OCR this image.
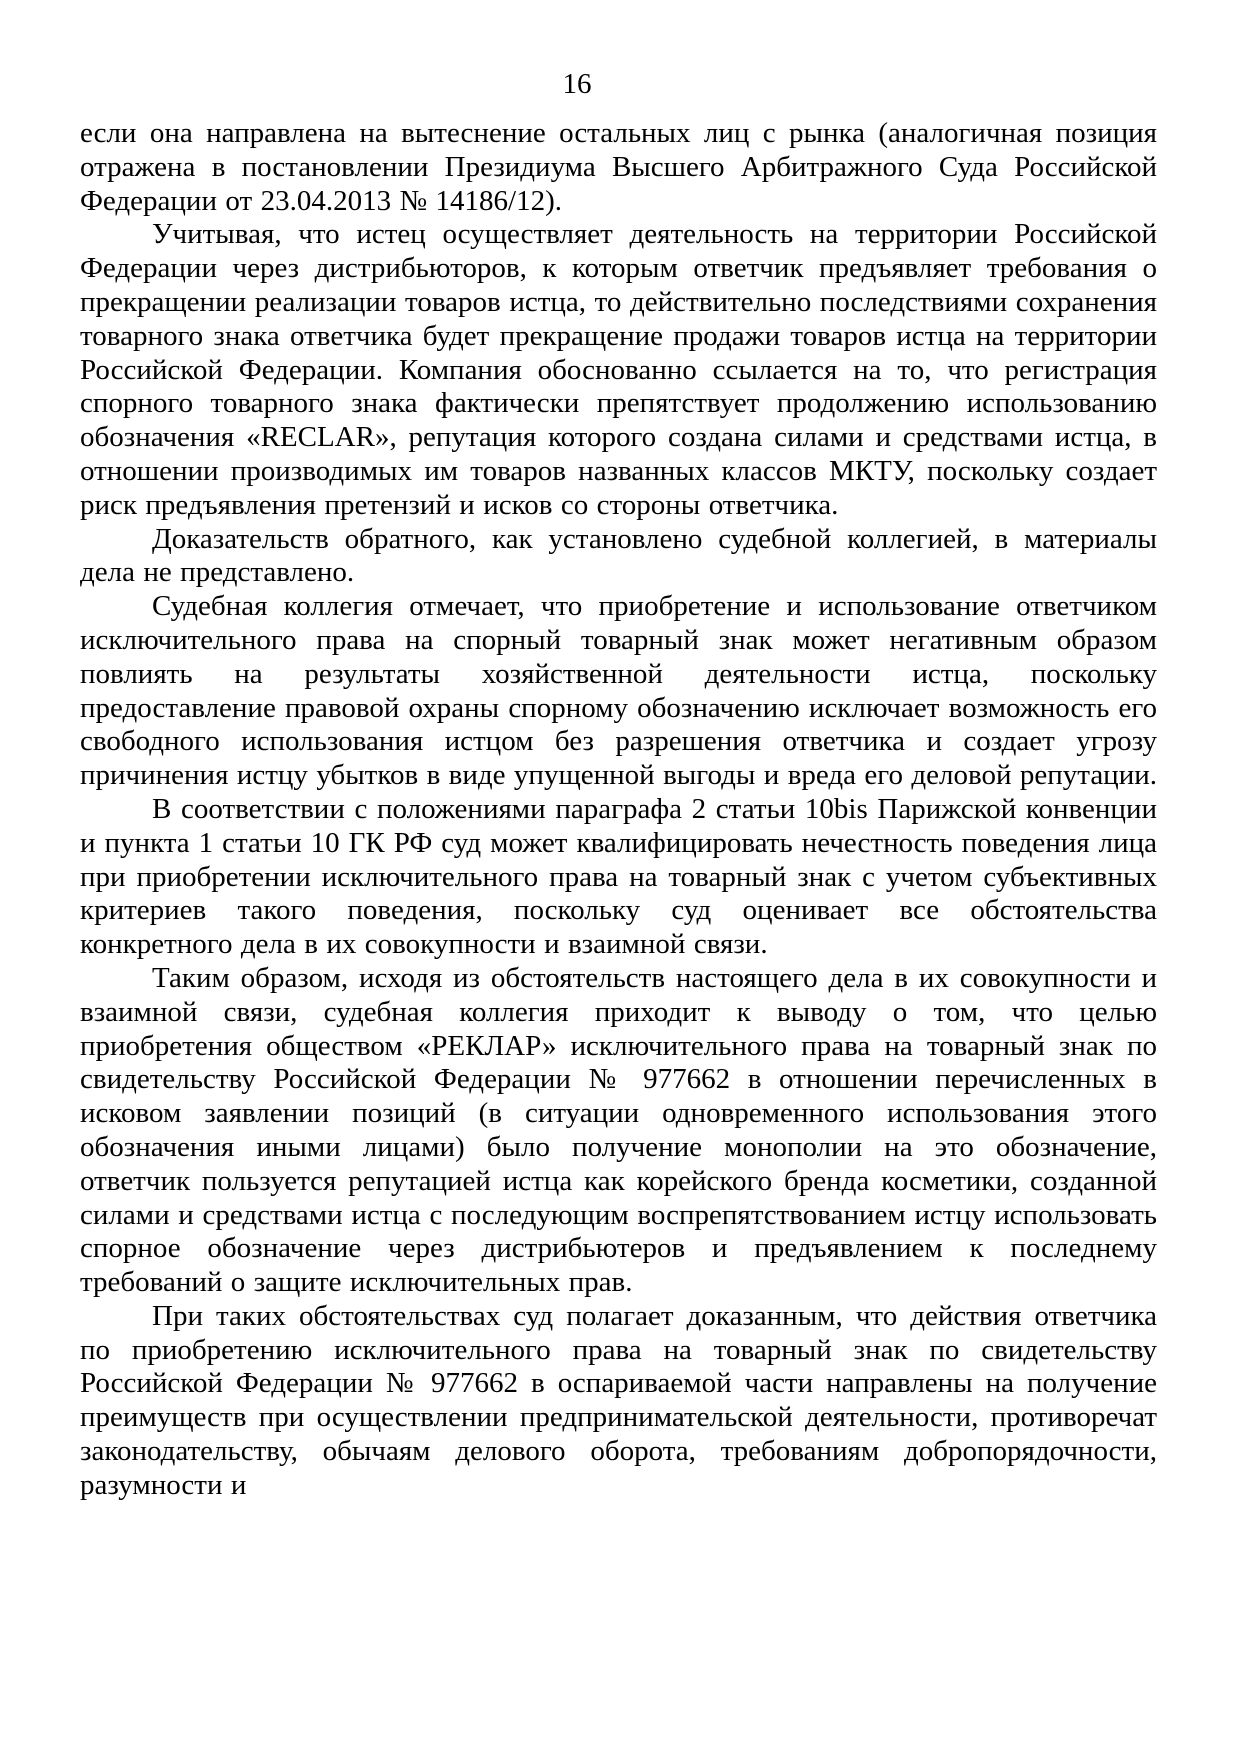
16

если она направлена на вытеснение остальных лиц с рынка (аналогичная позиция отражена в постановлении Президиума Высшего Арбитражного Суда Российской Федерации от 23.04.2013 № 14186/12).

Учитывая, что истец осуществляет деятельность на территории Российской Федерации через дистрибьюторов, к которым ответчик предъявляет требования о прекращении реализации товаров истца, то действительно последствиями сохранения товарного знака ответчика будет прекращение продажи товаров истца на территории Российской Федерации. Компания обоснованно ссылается на то, что регистрация спорного товарного знака фактически препятствует продолжению использованию обозначения «RECLAR», репутация которого создана силами и средствами истца, в отношении производимых им товаров названных классов МКТУ, поскольку создает риск предъявления претензий и исков со стороны ответчика.

Доказательств обратного, как установлено судебной коллегией, в материалы дела не представлено.

Судебная коллегия отмечает, что приобретение и использование ответчиком исключительного права на спорный товарный знак может негативным образом повлиять на результаты хозяйственной деятельности истца, поскольку предоставление правовой охраны спорному обозначению исключает возможность его свободного использования истцом без разрешения ответчика и создает угрозу причинения истцу убытков в виде упущенной выгоды и вреда его деловой репутации.

В соответствии с положениями параграфа 2 статьи 10bis Парижской конвенции и пункта 1 статьи 10 ГК РФ суд может квалифицировать нечестность поведения лица при приобретении исключительного права на товарный знак с учетом субъективных критериев такого поведения, поскольку суд оценивает все обстоятельства конкретного дела в их совокупности и взаимной связи.

Таким образом, исходя из обстоятельств настоящего дела в их совокупности и взаимной связи, судебная коллегия приходит к выводу о том, что целью приобретения обществом «РЕКЛАР» исключительного права на товарный знак по свидетельству Российской Федерации № 977662 в отношении перечисленных в исковом заявлении позиций (в ситуации одновременного использования этого обозначения иными лицами) было получение монополии на это обозначение, ответчик пользуется репутацией истца как корейского бренда косметики, созданной силами и средствами истца с последующим воспрепятствованием истцу использовать спорное обозначение через дистрибьютеров и предъявлением к последнему требований о защите исключительных прав.

При таких обстоятельствах суд полагает доказанным, что действия ответчика по приобретению исключительного права на товарный знак по свидетельству Российской Федерации № 977662 в оспариваемой части направлены на получение преимуществ при осуществлении предпринимательской деятельности, противоречат законодательству, обычаям делового оборота, требованиям добропорядочности, разумности и
